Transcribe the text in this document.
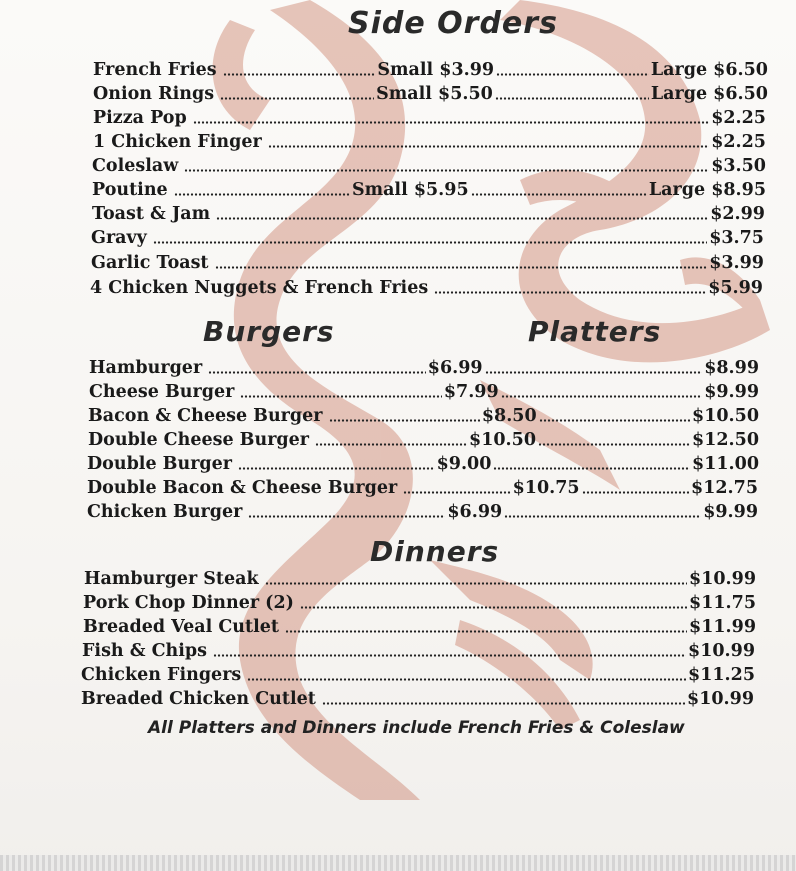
Side Orders
French Fries	Small $3.99	Large $6.50
Onion Rings	Small $5.50	Large $6.50
Pizza Pop	$2.25
1 Chicken Finger	$2.25
Coleslaw	$3.50
Poutine	Small $5.95	Large $8.95
Toast & Jam	$2.99
Gravy	$3.75
Garlic Toast	$3.99
4 Chicken Nuggets & French Fries	$5.99
Burgers	Platters
Hamburger	$6.99	$8.99
Cheese Burger	$7.99	$9.99
Bacon & Cheese Burger	$8.50	$10.50
Double Cheese Burger	$10.50	$12.50
Double Burger	$9.00	$11.00
Double Bacon & Cheese Burger	$10.75	$12.75
Chicken Burger	$6.99	$9.99
Dinners
Hamburger Steak	$10.99
Pork Chop Dinner (2)	$11.75
Breaded Veal Cutlet	$11.99
Fish & Chips	$10.99
Chicken Fingers	$11.25
Breaded Chicken Cutlet	$10.99
All Platters and Dinners include French Fries & Coleslaw
